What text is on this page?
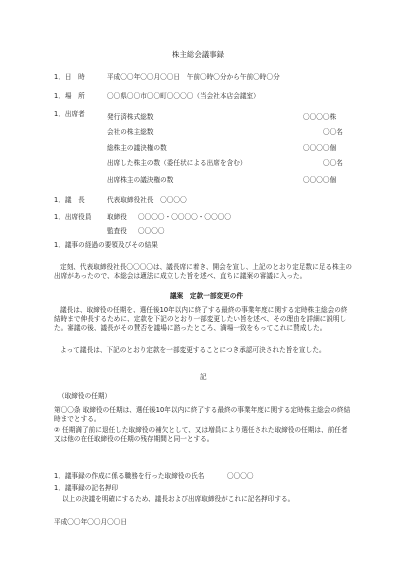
株主総会議事録
1．日　時	平成〇〇年〇〇月〇〇日　午前〇時〇分から午前〇時〇分
1．場　所	〇〇県〇〇市〇〇町〇〇〇〇（当会社本店会議室）
1．出席者	発行済株式総数	〇〇〇〇株
会社の株主総数	〇〇名
総株主の議決権の数	〇〇〇〇個
出席した株主の数（委任状による出席を含む）	〇〇名
出席株主の議決権の数	〇〇〇〇個
1．議　長	代表取締役社長　〇〇〇〇
1．出席役員 取締役 〇〇〇〇・〇〇〇〇・〇〇〇〇
監査役 〇〇〇〇
1．議事の経過の要領及びその結果
定刻、代表取締役社長〇〇〇〇は、議長席に着き、開会を宣し、上記のとおり定足数に足る株主の出席があったので、本総会は適法に成立した旨を述べ、直ちに議案の審議に入った。
議案　定款一部変更の件
議長は、取締役の任期を、選任後10年以内に終了する最終の事業年度に関する定時株主総会の終結時まで伸長するために、定款を下記のとおり一部変更したい旨を述べ、その理由を詳細に説明した。審議の後、議長がその賛否を議場に諮ったところ、満場一致をもってこれに賛成した。
よって議長は、下記のとおり定款を一部変更することにつき承認可決された旨を宣した。
記
（取締役の任期）
第〇〇条 取締役の任期は、選任後10年以内に終了する最終の事業年度に関する定時株主総会の終結時までとする。
② 任期満了前に退任した取締役の補欠として、又は増員により選任された取締役の任期は、前任者又は他の在任取締役の任期の残存期間と同一とする。
1．議事録の作成に係る職務を行った取締役の氏名	〇〇〇〇
1．議事録の記名押印
以上の決議を明確にするため、議長および出席取締役がこれに記名押印する。
平成〇〇年〇〇月〇〇日
